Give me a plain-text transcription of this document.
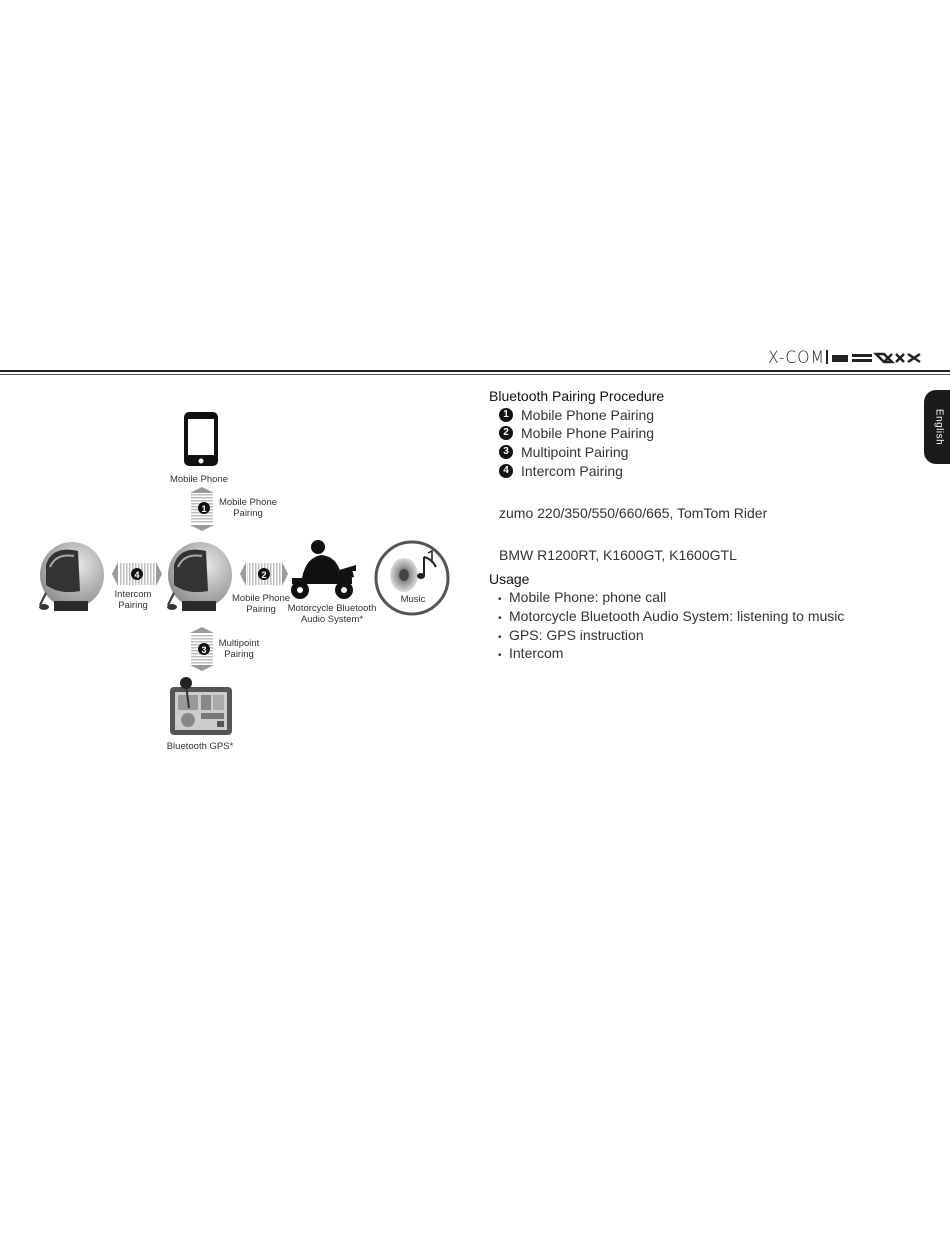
X-COM
English
Mobile Phone
1
Mobile Phone
Pairing
4
Intercom
Pairing
2
Mobile Phone
Pairing Motorcycle Bluetooth
Audio System*
Music
3
Multipoint
Pairing
Bluetooth GPS*
Bluetooth Pairing Procedure
1 Mobile Phone Pairing
2 Mobile Phone Pairing
3 Multipoint Pairing
4 Intercom Pairing
zumo 220/350/550/660/665, TomTom Rider
BMW R1200RT, K1600GT, K1600GTL
Usage
• Mobile Phone: phone call
• Motorcycle Bluetooth Audio System: listening to music
• GPS: GPS instruction
• Intercom
